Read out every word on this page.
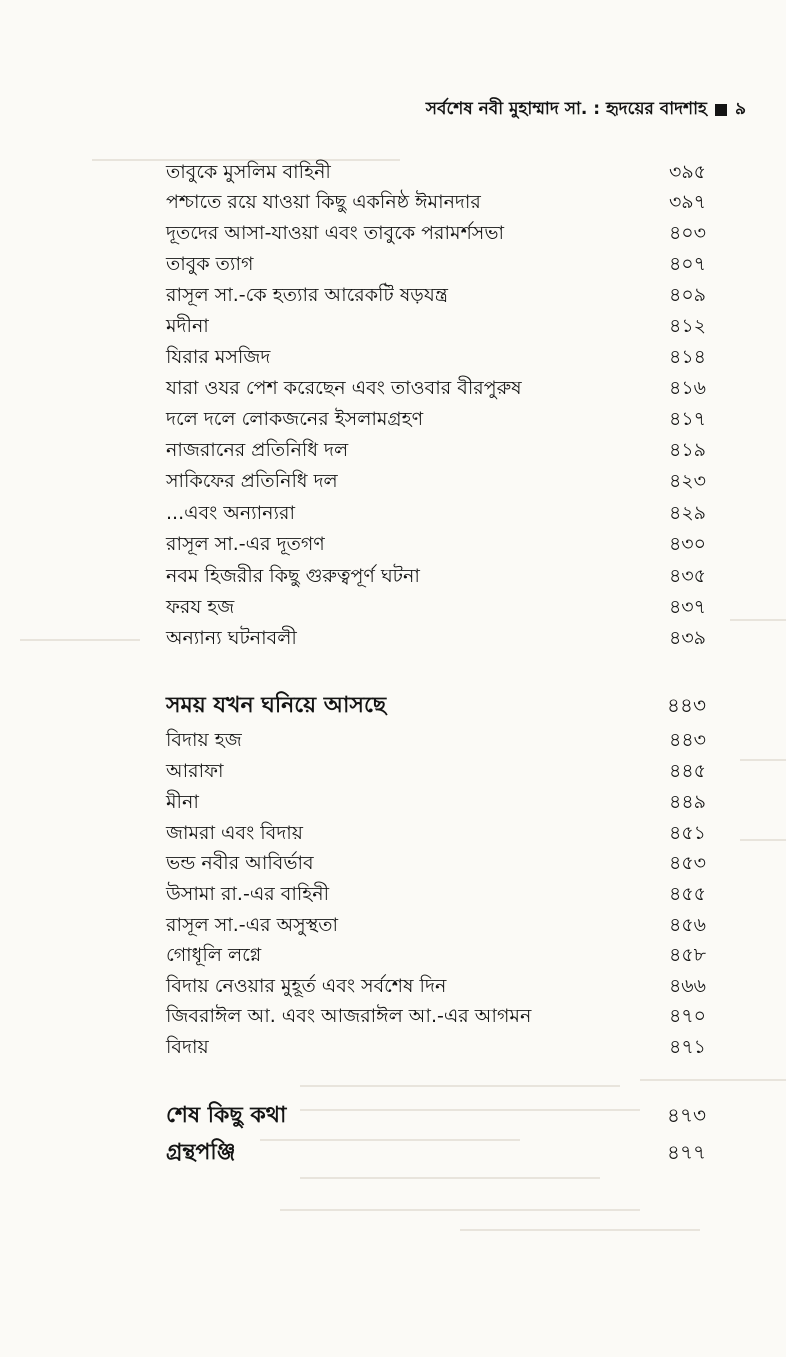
সর্বশেষ নবী মুহাম্মাদ সা. : হৃদয়ের বাদশাহ ৯
তাবুকে মুসলিম বাহিনী	৩৯৫
পশ্চাতে রয়ে যাওয়া কিছু একনিষ্ঠ ঈমানদার	৩৯৭
দূতদের আসা-যাওয়া এবং তাবুকে পরামর্শসভা	৪০৩
তাবুক ত্যাগ	৪০৭
রাসূল সা.-কে হত্যার আরেকটি ষড়যন্ত্র	৪০৯
মদীনা	৪১২
যিরার মসজিদ	৪১৪
যারা ওযর পেশ করেছেন এবং তাওবার বীরপুরুষ	৪১৬
দলে দলে লোকজনের ইসলামগ্রহণ	৪১৭
নাজরানের প্রতিনিধি দল	৪১৯
সাকিফের প্রতিনিধি দল	৪২৩
...এবং অন্যান্যরা	৪২৯
রাসূল সা.-এর দূতগণ	৪৩০
নবম হিজরীর কিছু গুরুত্বপূর্ণ ঘটনা	৪৩৫
ফরয হজ	৪৩৭
অন্যান্য ঘটনাবলী	৪৩৯
সময় যখন ঘনিয়ে আসছে	৪৪৩
বিদায় হজ	৪৪৩
আরাফা	৪৪৫
মীনা	৪৪৯
জামরা এবং বিদায়	৪৫১
ভন্ড নবীর আবির্ভাব	৪৫৩
উসামা রা.-এর বাহিনী	৪৫৫
রাসূল সা.-এর অসুস্থতা	৪৫৬
গোধূলি লগ্নে	৪৫৮
বিদায় নেওয়ার মুহূর্ত এবং সর্বশেষ দিন	৪৬৬
জিবরাঈল আ. এবং আজরাঈল আ.-এর আগমন	৪৭০
বিদায়	৪৭১
শেষ কিছু কথা	৪৭৩
গ্রন্থপঞ্জি	৪৭৭
